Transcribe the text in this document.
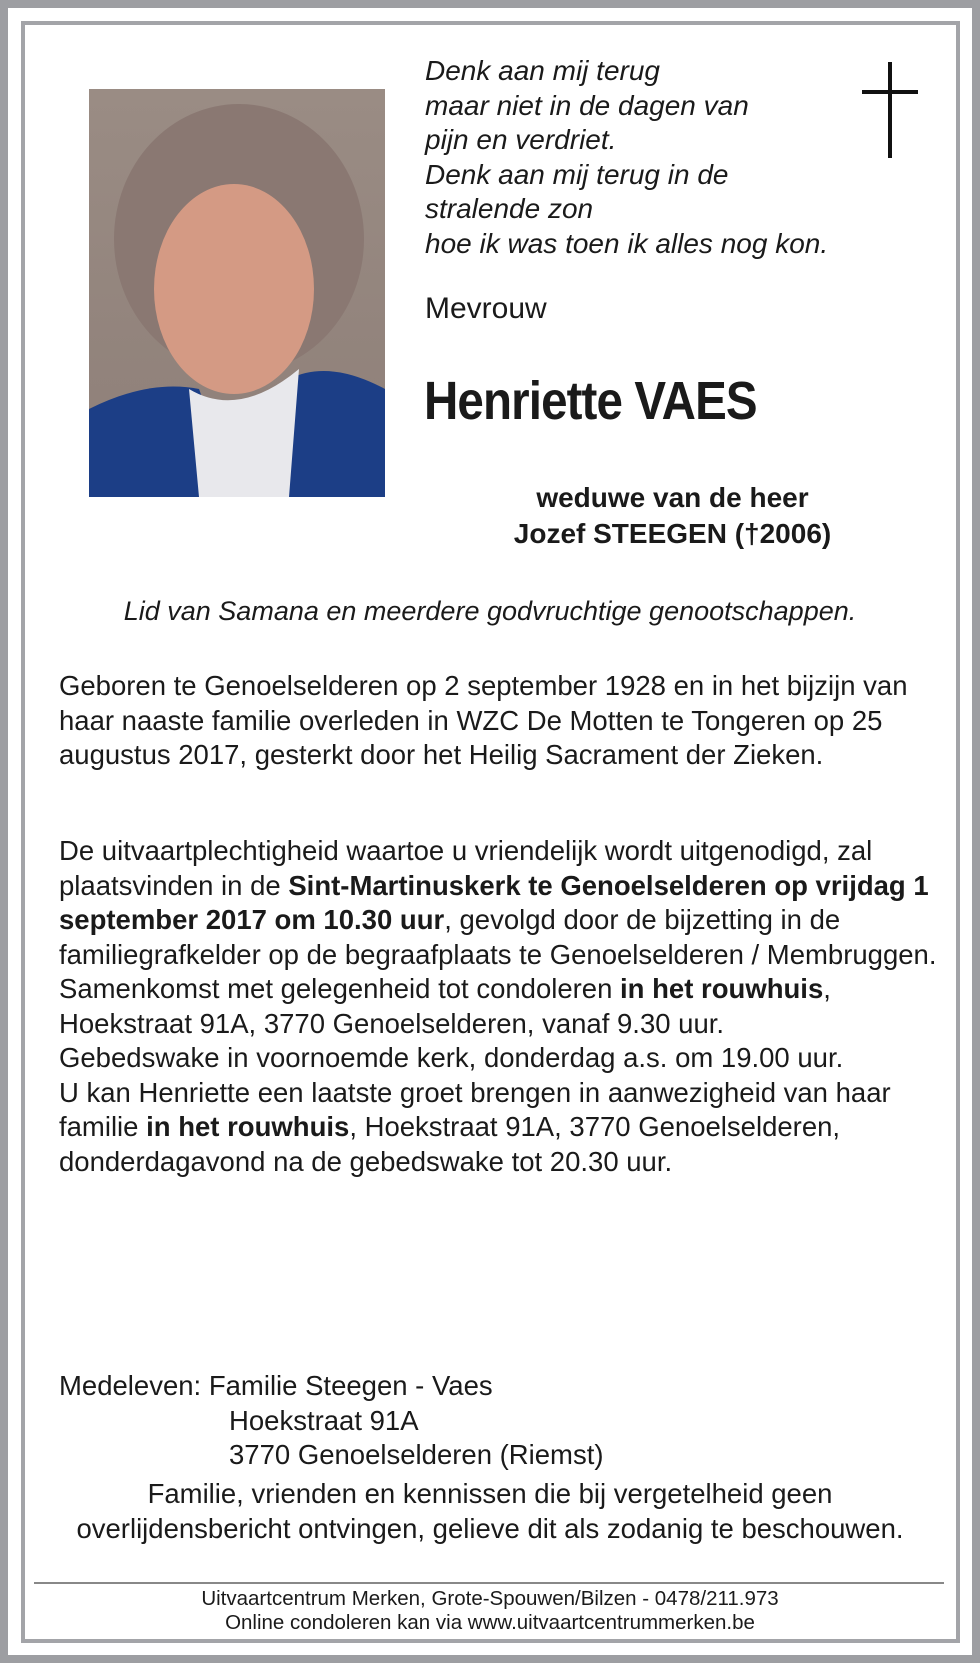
Denk aan mij terug
maar niet in de dagen van
pijn en verdriet.
Denk aan mij terug in de
stralende zon
hoe ik was toen ik alles nog kon.
Mevrouw
Henriette VAES
weduwe van de heer
Jozef STEEGEN (†2006)
Lid van Samana en meerdere godvruchtige genootschappen.
Geboren te Genoelselderen op 2 september 1928 en in het bijzijn van haar naaste familie overleden in WZC De Motten te Tongeren op 25 augustus 2017, gesterkt door het Heilig Sacrament der Zieken.
De uitvaartplechtigheid waartoe u vriendelijk wordt uitgenodigd, zal plaatsvinden in de Sint-Martinuskerk te Genoelselderen op vrijdag 1 september 2017 om 10.30 uur, gevolgd door de bijzetting in de familiegrafkelder op de begraafplaats te Genoelselderen / Membruggen.
Samenkomst met gelegenheid tot condoleren in het rouwhuis, Hoekstraat 91A, 3770 Genoelselderen, vanaf 9.30 uur.
Gebedswake in voornoemde kerk, donderdag a.s. om 19.00 uur.
U kan Henriette een laatste groet brengen in aanwezigheid van haar familie in het rouwhuis, Hoekstraat 91A, 3770 Genoelselderen, donderdagavond na de gebedswake tot 20.30 uur.
Medeleven: Familie Steegen - Vaes
Hoekstraat 91A
3770 Genoelselderen (Riemst)
Familie, vrienden en kennissen die bij vergetelheid geen overlijdensbericht ontvingen, gelieve dit als zodanig te beschouwen.
Uitvaartcentrum Merken, Grote-Spouwen/Bilzen - 0478/211.973
Online condoleren kan via www.uitvaartcentrummerken.be
